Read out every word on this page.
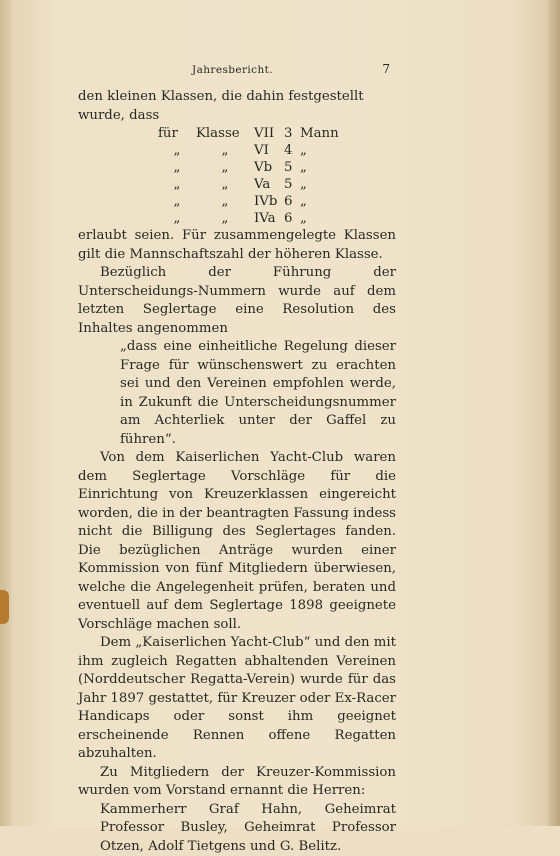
Jahresbericht.	7

den kleinen Klassen, die dahin festgestellt

wurde, dass

für	Klasse	VII 3 Mann
„	„	VI	4 „
„	„	Vb 5 „
„	„	Va	5 „
„	„	IVb 6 „
„	„	IVa 6 „

erlaubt seien. Für zusammengelegte Klassen gilt die Mannschaftszahl der höheren Klasse.

Bezüglich der Führung der Unterscheidungs-Nummern wurde auf dem letzten Seglertage eine Resolution des Inhaltes angenommen

„dass eine einheitliche Regelung dieser Frage für wünschenswert zu erachten sei und den Vereinen empfohlen werde, in Zukunft die Unterscheidungsnummer am Achterliek unter der Gaffel zu führen“.

Von dem Kaiserlichen Yacht-Club waren dem Seglertage Vorschläge für die Einrichtung von Kreuzerklassen eingereicht worden, die in der beantragten Fassung indess nicht die Billigung des Seglertages fanden. Die bezüglichen Anträge wurden einer Kommission von fünf Mitgliedern überwiesen, welche die Angelegenheit prüfen, beraten und eventuell auf dem Seglertage 1898 geeignete Vorschläge machen soll.

Dem „Kaiserlichen Yacht-Club“ und den mit ihm zugleich Regatten abhaltenden Vereinen (Norddeutscher Regatta-Verein) wurde für das Jahr 1897 gestattet, für Kreuzer oder Ex-Racer Handicaps oder sonst ihm geeignet erscheinende Rennen offene Regatten abzuhalten.

Zu Mitgliedern der Kreuzer-Kommission wurden vom Vorstand ernannt die Herren:

Kammerherr Graf Hahn, Geheimrat Professor Busley, Geheimrat Professor Otzen, Adolf Tietgens und G. Belitz.
